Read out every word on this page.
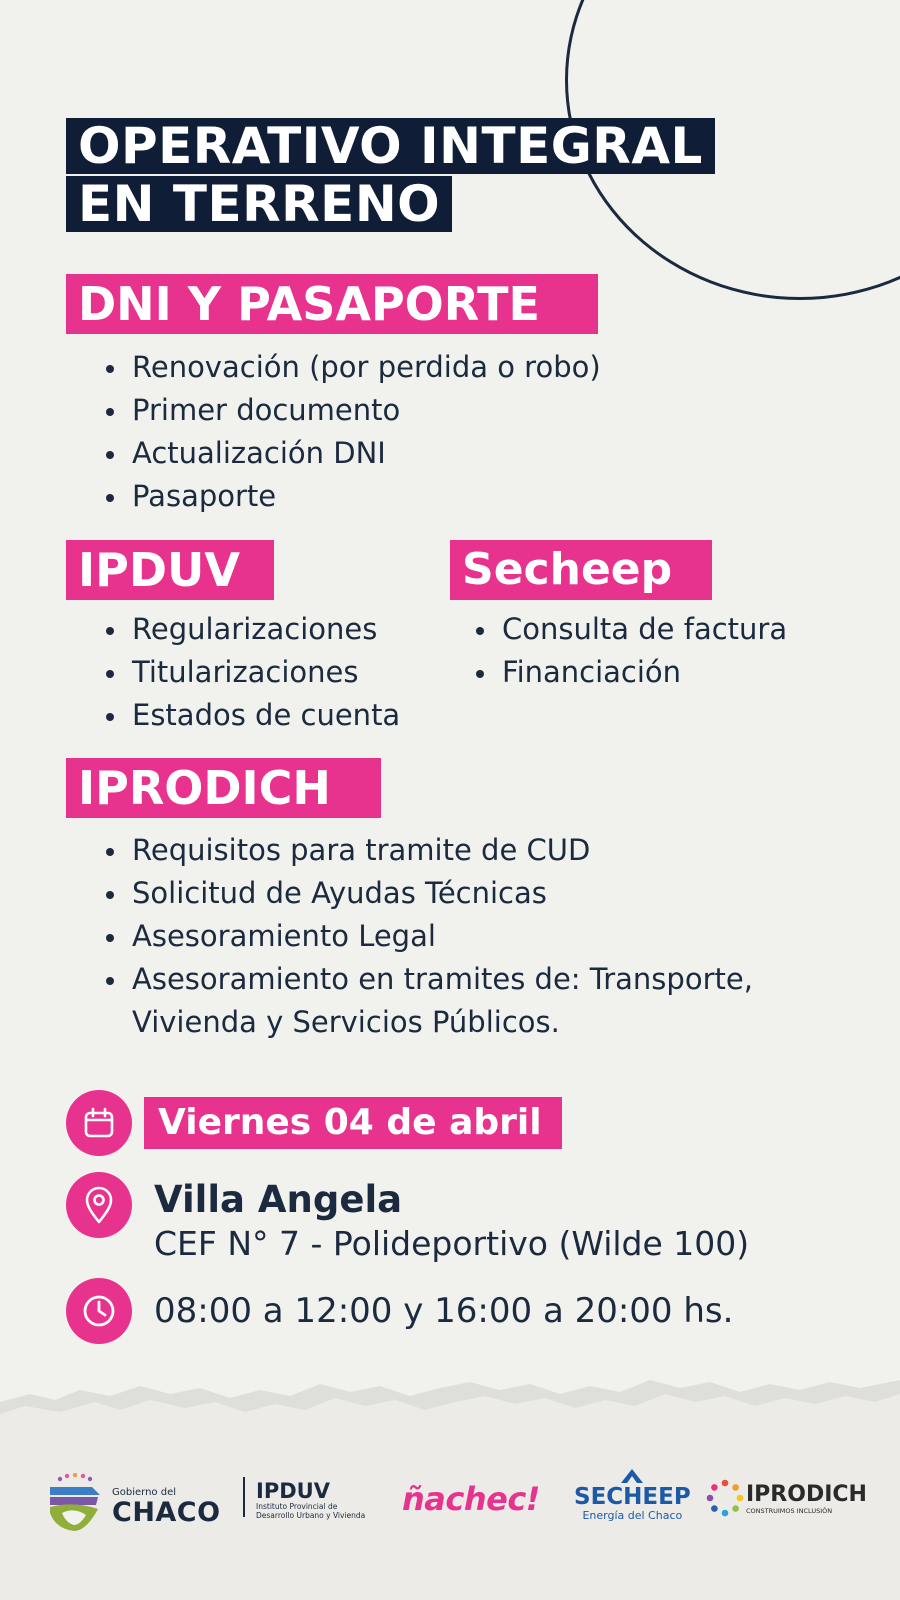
OPERATIVO INTEGRAL
EN TERRENO
DNI Y PASAPORTE
Renovación (por perdida o robo)
Primer documento
Actualización DNI
Pasaporte
IPDUV
Regularizaciones
Titularizaciones
Estados de cuenta
Secheep
Consulta de factura
Financiación
IPRODICH
Requisitos para tramite de CUD
Solicitud de Ayudas Técnicas
Asesoramiento Legal
Asesoramiento en tramites de: Transporte, Vivienda y Servicios Públicos.
Viernes 04 de abril
Villa Angela
CEF N° 7 - Polideportivo (Wilde 100)
08:00 a 12:00 y 16:00 a 20:00 hs.
Gobierno del
CHACO
IPDUV
Instituto Provincial de
Desarrollo Urbano y Vivienda ñachec! SECHEEP
Energía del Chaco
IPRODICH
CONSTRUIMOS INCLUSIÓN
